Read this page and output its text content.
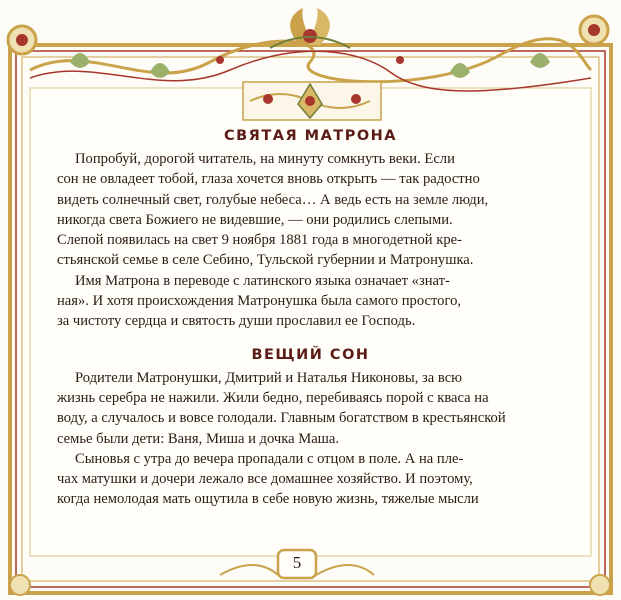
СВЯТАЯ МАТРОНА
Попробуй, дорогой читатель, на минуту сомкнуть веки. Если
сон не овладеет тобой, глаза хочется вновь открыть — так радостно
видеть солнечный свет, голубые небеса… А ведь есть на земле люди,
никогда света Божиего не видевшие, — они родились слепыми.
Слепой появилась на свет 9 ноября 1881 года в многодетной кре-
стьянской семье в селе Себино, Тульской губернии и Матронушка.
Имя Матрона в переводе с латинского языка означает «знат-
ная». И хотя происхождения Матронушка была самого простого,
за чистоту сердца и святость души прославил ее Господь.
ВЕЩИЙ СОН
Родители Матронушки, Дмитрий и Наталья Никоновы, за всю
жизнь серебра не нажили. Жили бедно, перебиваясь порой с кваса на
воду, а случалось и вовсе голодали. Главным богатством в крестьянской
семье были дети: Ваня, Миша и дочка Маша.
Сыновья с утра до вечера пропадали с отцом в поле. А на пле-
чах матушки и дочери лежало все домашнее хозяйство. И поэтому,
когда немолодая мать ощутила в себе новую жизнь, тяжелые мысли
5
